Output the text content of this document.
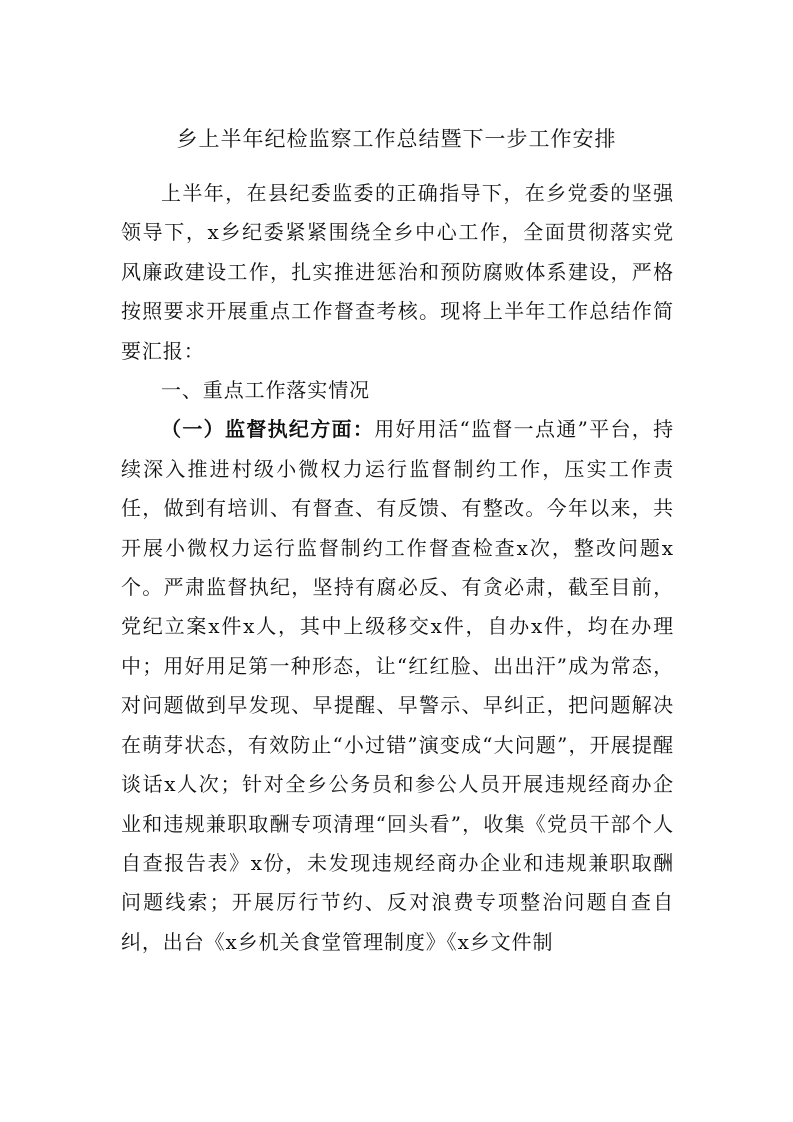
乡上半年纪检监察工作总结暨下一步工作安排

上半年，在县纪委监委的正确指导下，在乡党委的坚强领导下，x乡纪委紧紧围绕全乡中心工作，全面贯彻落实党风廉政建设工作，扎实推进惩治和预防腐败体系建设，严格按照要求开展重点工作督查考核。现将上半年工作总结作简要汇报：

一、重点工作落实情况

（一）监督执纪方面：用好用活“监督一点通”平台，持续深入推进村级小微权力运行监督制约工作，压实工作责任，做到有培训、有督查、有反馈、有整改。今年以来，共开展小微权力运行监督制约工作督查检查x次，整改问题x个。严肃监督执纪，坚持有腐必反、有贪必肃，截至目前，党纪立案x件x人，其中上级移交x件，自办x件，均在办理中；用好用足第一种形态，让“红红脸、出出汗”成为常态，对问题做到早发现、早提醒、早警示、早纠正，把问题解决在萌芽状态，有效防止“小过错”演变成“大问题”，开展提醒谈话x人次；针对全乡公务员和参公人员开展违规经商办企业和违规兼职取酬专项清理“回头看”，收集《党员干部个人自查报告表》x份，未发现违规经商办企业和违规兼职取酬问题线索；开展厉行节约、反对浪费专项整治问题自查自纠，出台《x乡机关食堂管理制度》《x乡文件制
